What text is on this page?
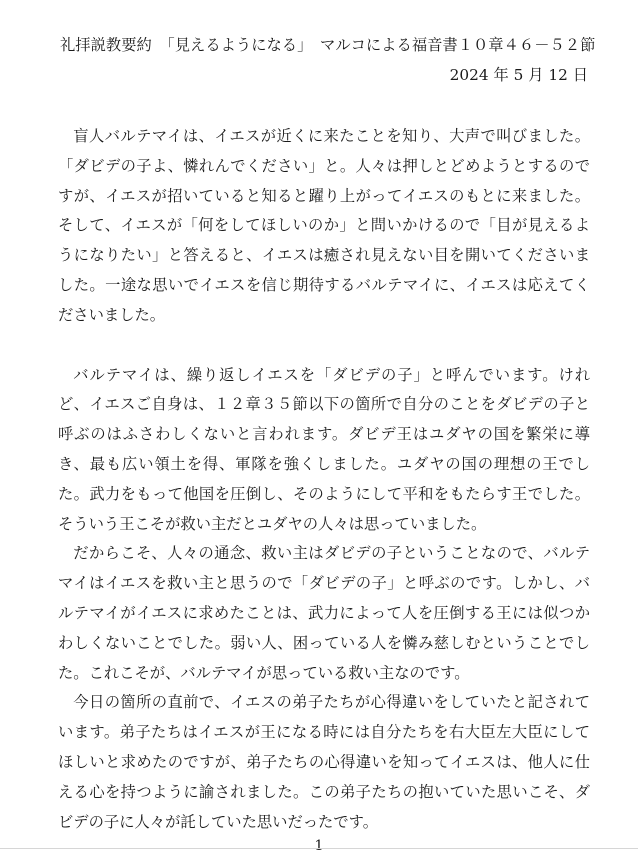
礼拝説教要約　「見えるようになる」　マルコによる福音書１０章４６－５２節
2024 年 5 月 12 日

盲人バルテマイは、イエスが近くに来たことを知り、大声で叫びました。「ダビデの子よ、憐れんでください」と。人々は押しとどめようとするのですが、イエスが招いていると知ると躍り上がってイエスのもとに来ました。そして、イエスが「何をしてほしいのか」と問いかけるので「目が見えるようになりたい」と答えると、イエスは癒され見えない目を開いてくださいました。一途な思いでイエスを信じ期待するバルテマイに、イエスは応えてくださいました。

バルテマイは、繰り返しイエスを「ダビデの子」と呼んでいます。けれど、イエスご自身は、１２章３５節以下の箇所で自分のことをダビデの子と呼ぶのはふさわしくないと言われます。ダビデ王はユダヤの国を繁栄に導き、最も広い領土を得、軍隊を強くしました。ユダヤの国の理想の王でした。武力をもって他国を圧倒し、そのようにして平和をもたらす王でした。そういう王こそが救い主だとユダヤの人々は思っていました。

だからこそ、人々の通念、救い主はダビデの子ということなので、バルテマイはイエスを救い主と思うので「ダビデの子」と呼ぶのです。しかし、バルテマイがイエスに求めたことは、武力によって人を圧倒する王には似つかわしくないことでした。弱い人、困っている人を憐み慈しむということでした。これこそが、バルテマイが思っている救い主なのです。

今日の箇所の直前で、イエスの弟子たちが心得違いをしていたと記されています。弟子たちはイエスが王になる時には自分たちを右大臣左大臣にしてほしいと求めたのですが、弟子たちの心得違いを知ってイエスは、他人に仕える心を持つように諭されました。この弟子たちの抱いていた思いこそ、ダビデの子に人々が託していた思いだったです。

1
